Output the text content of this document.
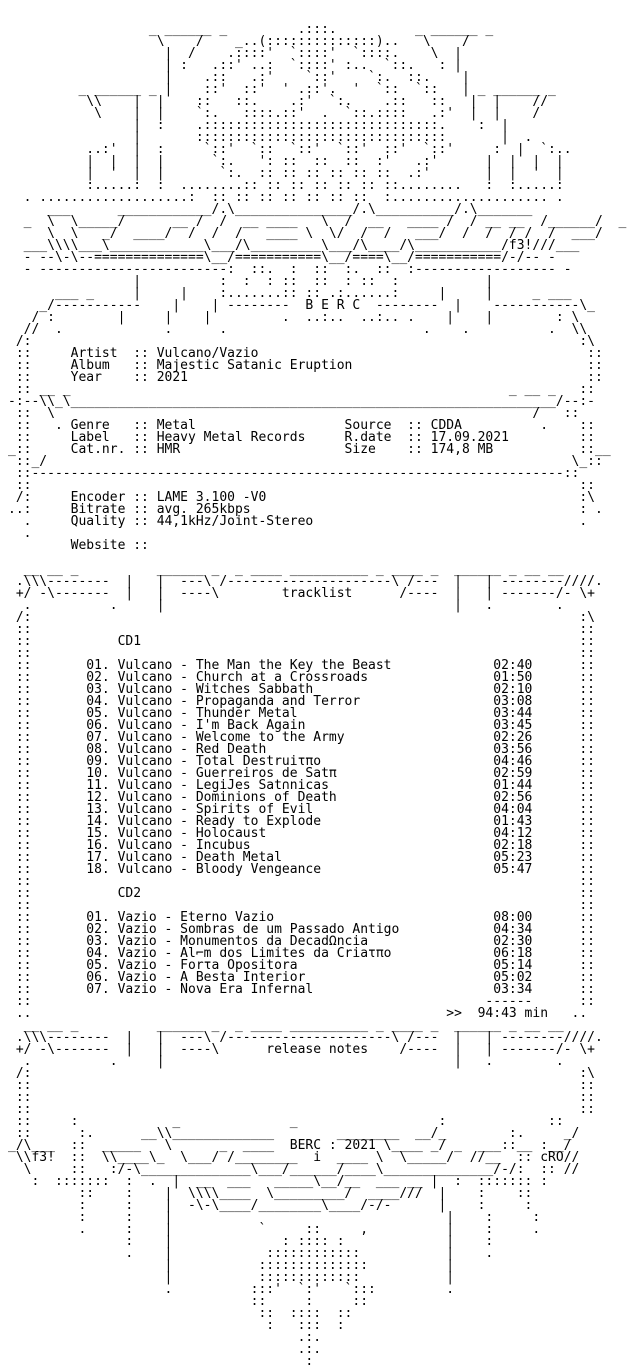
_ ______ _         .:::.          _ ______ _
\    /    _..(::::::::::::::)..   \    /
|  /    .::::'  `::::'  `::::.    \  |
| :   .::' ..:  `::::' :..  `::.   : |
|    .::   .:'    `::'    `:.  ::.    |
_ ______ _ |    ::'  ::'  ' .::'.  '  `::  `::   | _ ______ _
\\    |  |    ::   ::.    .:'  `:.    .::   ::   |  |    //
\    |  |    `:.   ::::.::'  .  `::.::::   .:'  |  |    /
|  :    .::::::::::::::::::::::::::::::.    :  |
|       ::::::::::::::::::::::::::::::::       |  .
..:'  |  :     `::'  `::  `::'  `::'  ::'  `::'     :  |  `:..
|  |  |  |      `:.   ': ::  ::  ::  :'   .:'      |  |  |  |
|  '  |  |       `:.  :: :: :: :: :: ::  .:'       |  |  '  |
:.....:  :  ........:: :: :: :: :: :: ::........   :  :.....:
. ...................:  :: :: :: :: :: :: ::  :.................... .
___      ____________/.\_______________/.\__________/.\_______
_  \  \_____/      __ /  /  __ ____   \  /  __   ____ /  / __ __  /______/  _
\  \   _/  ____/  /  /  /   ____ \  \/  /  /   ___/  /  /  / /  /  ___/
___\\\\___\____________\___/\_________\___/\____/\___________/f3!///___
- --\-\--==============\__/===========\__/====\__/===========/-/-- -
- ------------------------:  ::.  :  ::  :.  ::  :------------------ -
|          :  :  : ::  ::  : ::  :           |
___ _     |     |    :.......:: :: .:......:     |     |     _ ___
_/-----------    |    | --------  B E R C  --------  |    -----------\_
/ :        |     |    |         .  ..:..  ..:.. .    |    |        : \
//  .             .      .                         .    .          .  \\
/:                                                                      :\
::     Artist  :: Vulcano/Vazio                                          ::
::     Album   :: Majestic Satanic Eruption                              ::
::     Year    :: 2021                                                   ::
:: __ _                                                        _ __ _   ::
-:--\\_\______________________________________________________________/--:-
::  \                                                             /   ::
::   . Genre   :: Metal                   Source  :: CDDA          .    ::
::     Label   :: Heavy Metal Records     R.date  :: 17.09.2021         ::
_::     Cat.nr. :: HMR                     Size    :: 174,8 MB           ::__
::_/                                                                   \_::
::--------------------------------------------------------------------::
::                                                                      ::
/:     Encoder :: LAME 3.100 -V0                                        :\
..:     Bitrate :: avg. 265kbps                                          : .
.     Quality :: 44,1kHz/Joint-Stereo                                  .
.
Website ::
__ __ _          ______ _  _ ____ __________ _ ____ _  ______ _ __ __
.\\\--------  |   |  ---\ /---------------------\ /---  |   | --------////.
+/ -\-------  |   |  ----\        tracklist      /----  |   | -------/- \+
.          .     |                                     |   .        .
/:                                                                      :\
::                                                                      ::
::           CD1                                                        ::
::                                                                      ::
::       01. Vulcano - The Man the Key the Beast             02:40      ::
::       02. Vulcano - Church at a Crossroads                01:50      ::
::       03. Vulcano - Witches Sabbath                       02:10      ::
::       04. Vulcano - Propaganda and Terror                 03:08      ::
::       05. Vulcano - Thunder Metal                         03:44      ::
::       06. Vulcano - I'm Back Again                        03:45      ::
::       07. Vulcano - Welcome to the Army                   02:26      ::
::       08. Vulcano - Red Death                             03:56      ::
::       09. Vulcano - Total Destruiτπo                      04:46      ::
::       10. Vulcano - Guerreiros de Satπ                    02:59      ::
::       11. Vulcano - LegiJes Sat∩nicas                     01:44      ::
::       12. Vulcano - Dominions of Death                    02:56      ::
::       13. Vulcano - Spirits of Evil                       04:04      ::
::       14. Vulcano - Ready to Explode                      01:43      ::
::       15. Vulcano - Holocaust                             04:12      ::
::       16. Vulcano - Incubus                               02:18      ::
::       17. Vulcano - Death Metal                           05:23      ::
::       18. Vulcano - Bloody Vengeance                      05:47      ::
::                                                                      ::
::           CD2                                                        ::
::                                                                      ::
::       01. Vazio - Eterno Vazio                            08:00      ::
::       02. Vazio - Sombras de um Passado Antigo            04:34      ::
::       03. Vazio - Monumentos da DecadΩncia                02:30      ::
::       04. Vazio - Al⌐m dos Limites da Criaτπo             06:18      ::
::       05. Vazio - Forτa Opositora                         05:14      ::
::       06. Vazio - A Besta Interior                        05:02      ::
::       07. Vazio - Nova Era Infernal                       03:34      ::
::                                                          ------      ::
..                                                     >>  94:43 min   ..
__ __ _          ______ _  _ ____ __________ _ ____ _  ______ _ __ __
.\\\--------  |   |  ---\ /---------------------\ /---  |   | --------////.
+/ -\-------  |   |  ----\      release notes    /----  |   | -------/- \+
.          .     |                                     |   .        .
/:                                                                      :\
::                                                                      ::
::                                                                      ::
::                                                                      ::
::     :            _              _                  :             ::
::      :.      __\\_____________        ________  __/_        :.     _/
_/\___  ::  _____   \      _  ____  BERC : 2021 \____ _/ _  ___::__ :__/
\\f3!  ::  \\____\_  \___/ /________  i  ____ \  \_____/  //__  :: cRO//
\     ::   :/-\______________\___/______/____\______________/-/:  :: //
:  :::::::  :  .  |  __  ___   _____\__/__  ___ __ |  :  ::::::: :
::    :    |  \\\\____  \_________/  ____///  |    :    ::
:     :    |  -\-\____/________\____/-/-      |    :     :
:     :    |                                   |    :     :
.     :    |           `     ::     ,          |    :     .
:    |              : :::: :             |    :
.    |            ::::::::::::           |    .
|           ::::::::::::::          |
|           :::::::::::::           |
.          :::'  `:'   `:::         .
::     :     ::
::  ::::  ::
:   :::  :
.:.
.:.
:
